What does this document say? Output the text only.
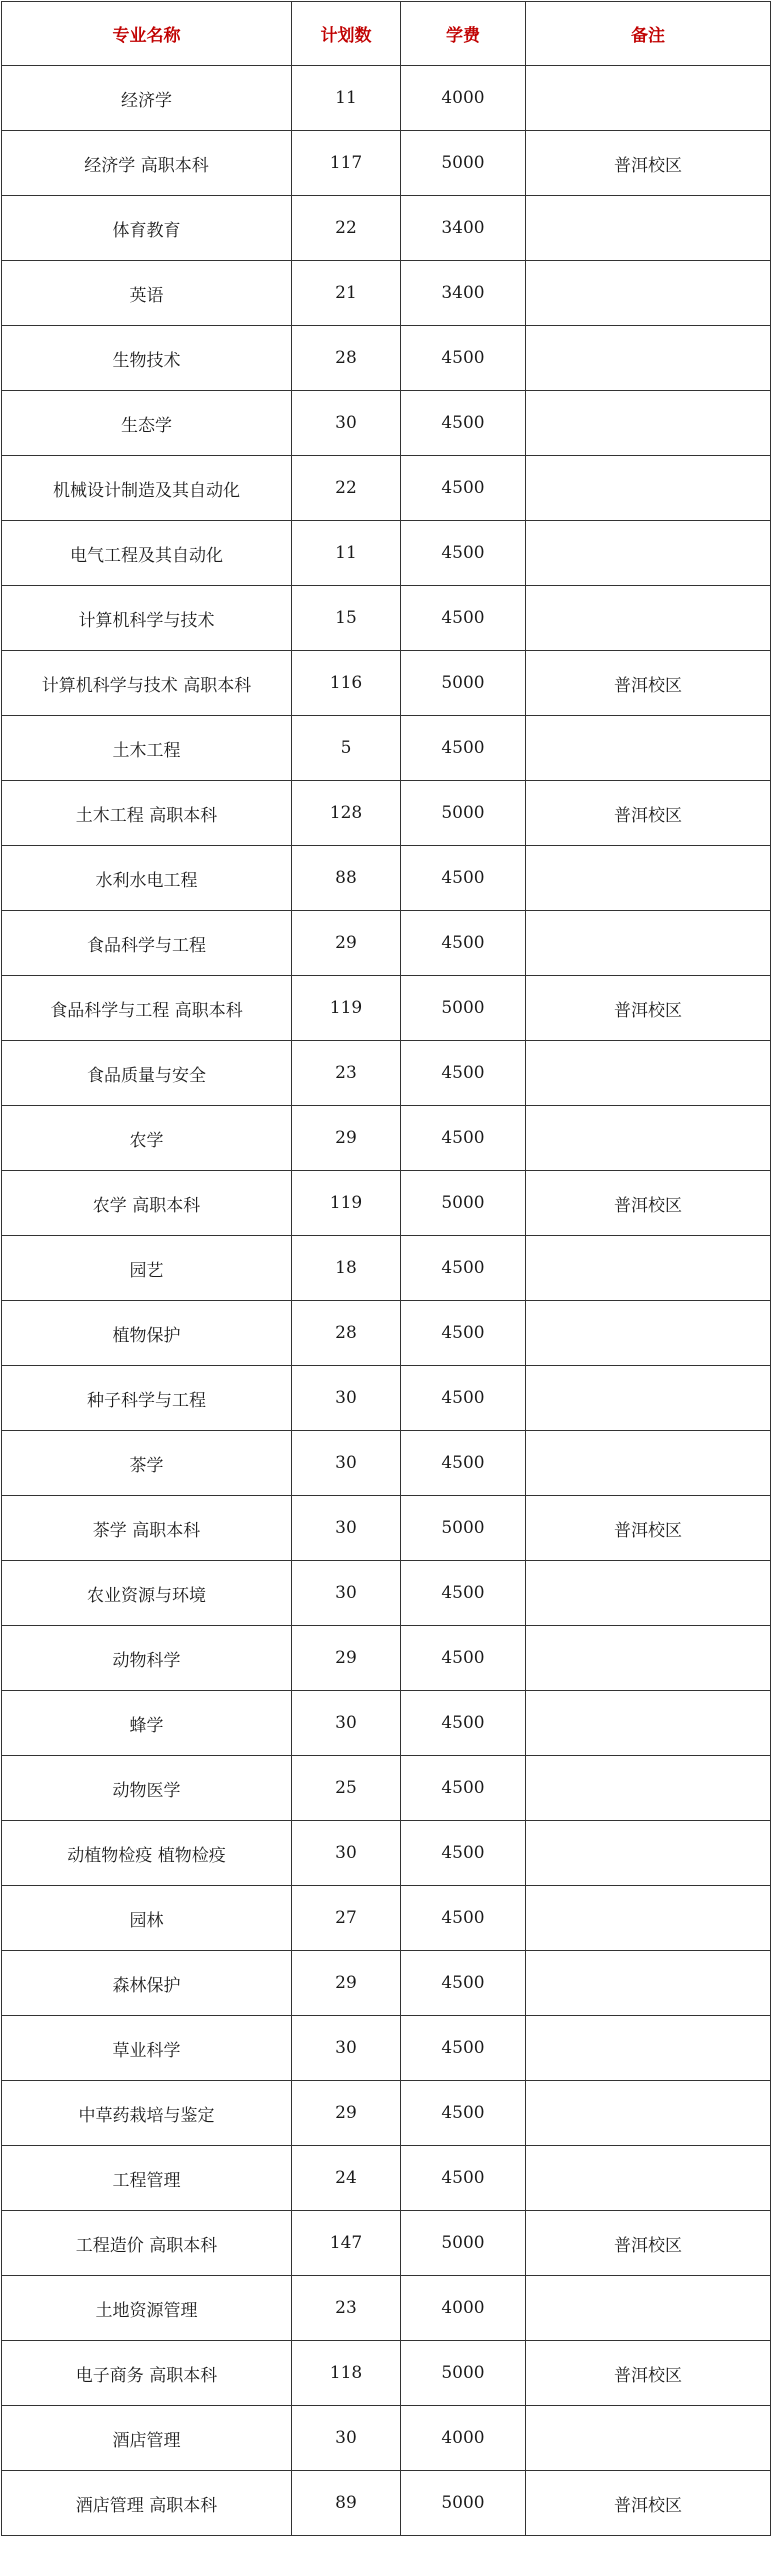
专业名称	计划数	学费	备注
经济学	11	4000	
经济学 高职本科	117	5000	普洱校区
体育教育	22	3400	
英语	21	3400	
生物技术	28	4500	
生态学	30	4500	
机械设计制造及其自动化	22	4500	
电气工程及其自动化	11	4500	
计算机科学与技术	15	4500	
计算机科学与技术 高职本科	116	5000	普洱校区
土木工程	5	4500	
土木工程 高职本科	128	5000	普洱校区
水利水电工程	88	4500	
食品科学与工程	29	4500	
食品科学与工程 高职本科	119	5000	普洱校区
食品质量与安全	23	4500	
农学	29	4500	
农学 高职本科	119	5000	普洱校区
园艺	18	4500	
植物保护	28	4500	
种子科学与工程	30	4500	
茶学	30	4500	
茶学 高职本科	30	5000	普洱校区
农业资源与环境	30	4500	
动物科学	29	4500	
蜂学	30	4500	
动物医学	25	4500	
动植物检疫 植物检疫	30	4500	
园林	27	4500	
森林保护	29	4500	
草业科学	30	4500	
中草药栽培与鉴定	29	4500	
工程管理	24	4500	
工程造价 高职本科	147	5000	普洱校区
土地资源管理	23	4000	
电子商务 高职本科	118	5000	普洱校区
酒店管理	30	4000	
酒店管理 高职本科	89	5000	普洱校区
